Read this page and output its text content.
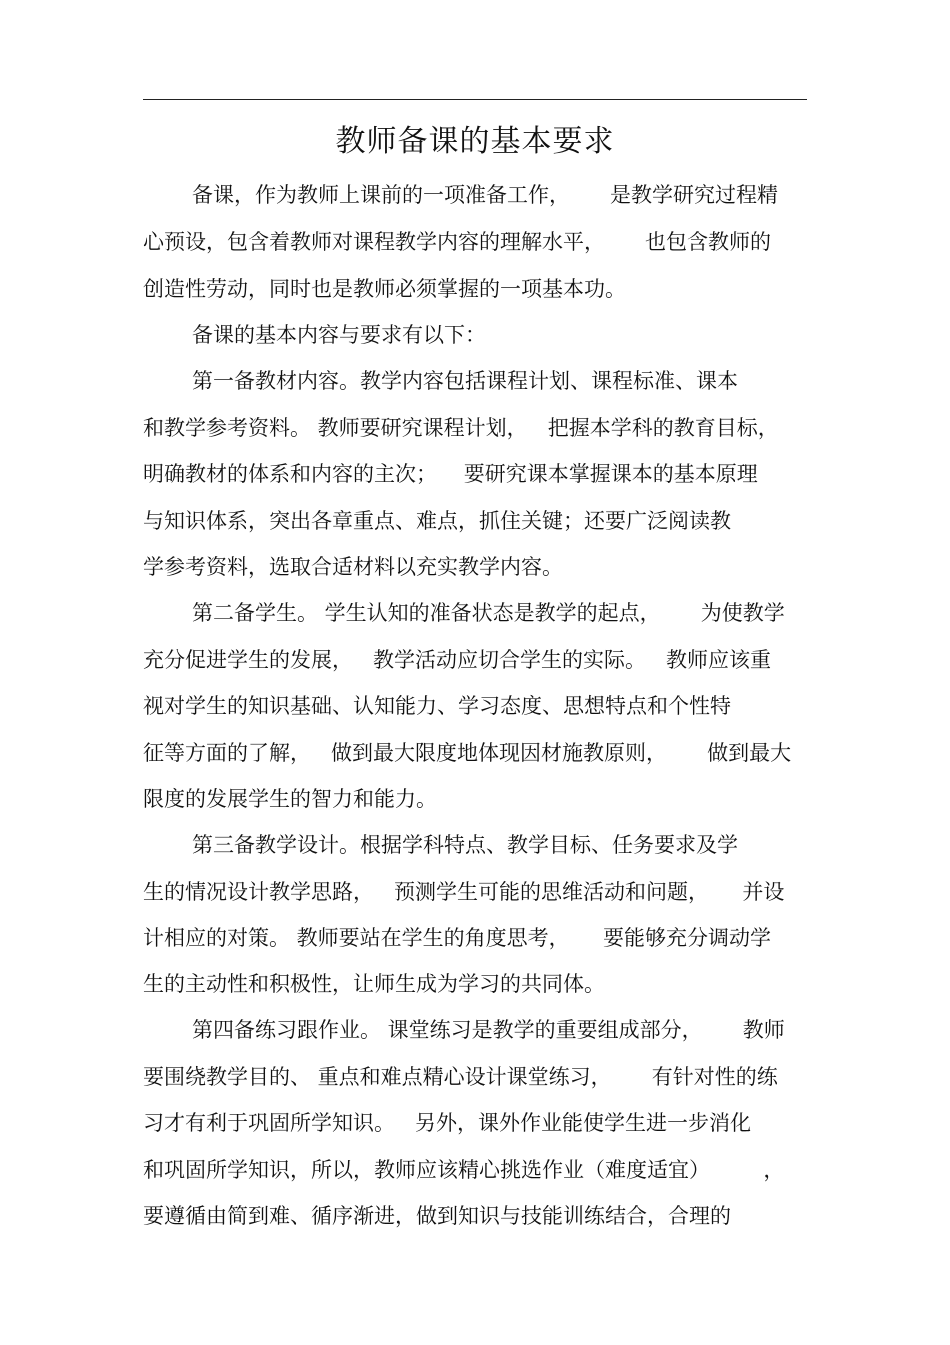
教师备课的基本要求
备课，作为教师上课前的一项准备工作，      是教学研究过程精
心预设，包含着教师对课程教学内容的理解水平，      也包含教师的
创造性劳动，同时也是教师必须掌握的一项基本功。
备课的基本内容与要求有以下：
第一备教材内容。教学内容包括课程计划、课程标准、课本
和教学参考资料。 教师要研究课程计划，   把握本学科的教育目标，
明确教材的体系和内容的主次；    要研究课本掌握课本的基本原理
与知识体系，突出各章重点、难点，抓住关键；还要广泛阅读教
学参考资料，选取合适材料以充实教学内容。
第二备学生。 学生认知的准备状态是教学的起点，      为使教学
充分促进学生的发展，   教学活动应切合学生的实际。   教师应该重
视对学生的知识基础、认知能力、学习态度、思想特点和个性特
征等方面的了解，   做到最大限度地体现因材施教原则，      做到最大
限度的发展学生的智力和能力。
第三备教学设计。根据学科特点、教学目标、任务要求及学
生的情况设计教学思路，   预测学生可能的思维活动和问题，     并设
计相应的对策。 教师要站在学生的角度思考，     要能够充分调动学
生的主动性和积极性，让师生成为学习的共同体。
第四备练习跟作业。 课堂练习是教学的重要组成部分，      教师
要围绕教学目的、 重点和难点精心设计课堂练习，      有针对性的练
习才有利于巩固所学知识。   另外，课外作业能使学生进一步消化
和巩固所学知识，所以，教师应该精心挑选作业（难度适宜）        ，
要遵循由简到难、循序渐进，做到知识与技能训练结合，合理的
